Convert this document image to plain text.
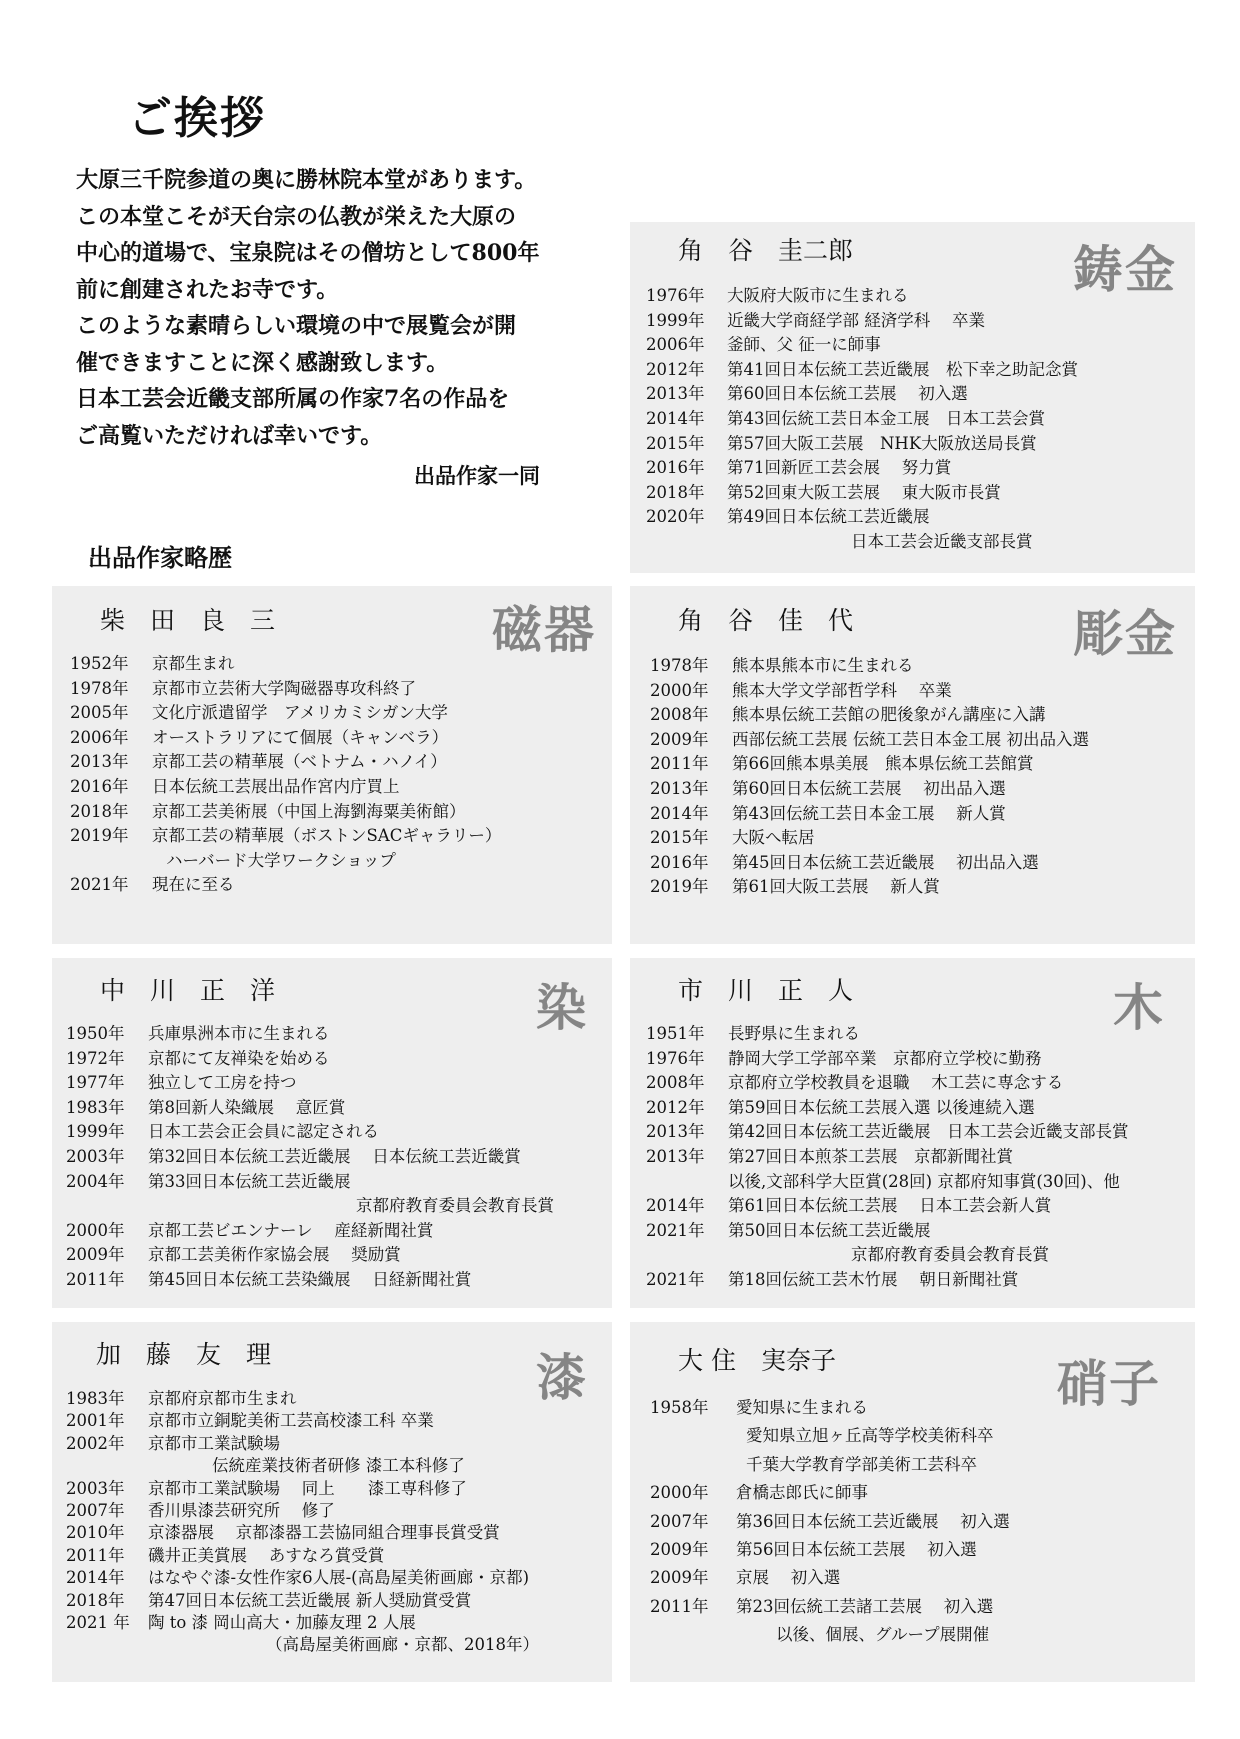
ご挨拶
大原三千院参道の奥に勝林院本堂があります。
この本堂こそが天台宗の仏教が栄えた大原の
中心的道場で、宝泉院はその僧坊として800年
前に創建されたお寺です。
このような素晴らしい環境の中で展覧会が開
催できますことに深く感謝致します。
日本工芸会近畿支部所属の作家7名の作品を
ご高覧いただければ幸いです。
出品作家一同
出品作家略歴
角　谷　圭二郎	鋳金
1976年	大阪府大阪市に生まれる
1999年	近畿大学商経学部 経済学科　 卒業
2006年	釜師、父 征一に師事
2012年	第41回日本伝統工芸近畿展　松下幸之助記念賞
2013年	第60回日本伝統工芸展　 初入選
2014年	第43回伝統工芸日本金工展　日本工芸会賞
2015年	第57回大阪工芸展　NHK大阪放送局長賞
2016年	第71回新匠工芸会展　 努力賞
2018年	第52回東大阪工芸展　 東大阪市長賞
2020年	第49回日本伝統工芸近畿展
日本工芸会近畿支部長賞
柴　田　良　三	磁器
1952年	京都生まれ
1978年	京都市立芸術大学陶磁器専攻科終了
2005年	文化庁派遣留学　アメリカミシガン大学
2006年	オーストラリアにて個展（キャンベラ）
2013年	京都工芸の精華展（ベトナム・ハノイ）
2016年	日本伝統工芸展出品作宮内庁買上
2018年	京都工芸美術展（中国上海劉海粟美術館）
2019年	京都工芸の精華展（ボストンSACギャラリー）
ハーバード大学ワークショップ
2021年	現在に至る
角　谷　佳　代	彫金
1978年	熊本県熊本市に生まれる
2000年	熊本大学文学部哲学科　 卒業
2008年	熊本県伝統工芸館の肥後象がん講座に入講
2009年	西部伝統工芸展 伝統工芸日本金工展 初出品入選
2011年	第66回熊本県美展　熊本県伝統工芸館賞
2013年	第60回日本伝統工芸展　 初出品入選
2014年	第43回伝統工芸日本金工展　 新人賞
2015年	大阪へ転居
2016年	第45回日本伝統工芸近畿展　 初出品入選
2019年	第61回大阪工芸展　 新人賞
中　川　正　洋	染
1950年	兵庫県洲本市に生まれる
1972年	京都にて友禅染を始める
1977年	独立して工房を持つ
1983年	第8回新人染織展　 意匠賞
1999年	日本工芸会正会員に認定される
2003年	第32回日本伝統工芸近畿展　 日本伝統工芸近畿賞
2004年	第33回日本伝統工芸近畿展
京都府教育委員会教育長賞
2000年	京都工芸ビエンナーレ　 産経新聞社賞
2009年	京都工芸美術作家協会展　 奨励賞
2011年	第45回日本伝統工芸染織展　 日経新聞社賞
市　川　正　人	木
1951年	長野県に生まれる
1976年	静岡大学工学部卒業　京都府立学校に勤務
2008年	京都府立学校教員を退職　 木工芸に専念する
2012年	第59回日本伝統工芸展入選 以後連続入選
2013年	第42回日本伝統工芸近畿展　日本工芸会近畿支部長賞
2013年	第27回日本煎茶工芸展　京都新聞社賞
以後,文部科学大臣賞(28回) 京都府知事賞(30回)、他
2014年	第61回日本伝統工芸展　 日本工芸会新人賞
2021年	第50回日本伝統工芸近畿展
京都府教育委員会教育長賞
2021年	第18回伝統工芸木竹展　 朝日新聞社賞
加　藤　友　理	漆
1983年	京都府京都市生まれ
2001年	京都市立銅駝美術工芸高校漆工科 卒業
2002年	京都市工業試験場
伝統産業技術者研修 漆工本科修了
2003年	京都市工業試験場　 同上　　漆工専科修了
2007年	香川県漆芸研究所　 修了
2010年	京漆器展　 京都漆器工芸協同組合理事長賞受賞
2011年	磯井正美賞展　 あすなろ賞受賞
2014年	はなやぐ漆-女性作家6人展-(高島屋美術画廊・京都)
2018年	第47回日本伝統工芸近畿展 新人奨励賞受賞
2021 年	陶 to 漆 岡山高大・加藤友理 2 人展
（高島屋美術画廊・京都、2018年）
大 住　実奈子	硝子
1958年	愛知県に生まれる
愛知県立旭ヶ丘高等学校美術科卒
千葉大学教育学部美術工芸科卒
2000年	倉橋志郎氏に師事
2007年	第36回日本伝統工芸近畿展　 初入選
2009年	第56回日本伝統工芸展　 初入選
2009年	京展　 初入選
2011年	第23回伝統工芸諸工芸展　 初入選
以後、個展、グループ展開催
